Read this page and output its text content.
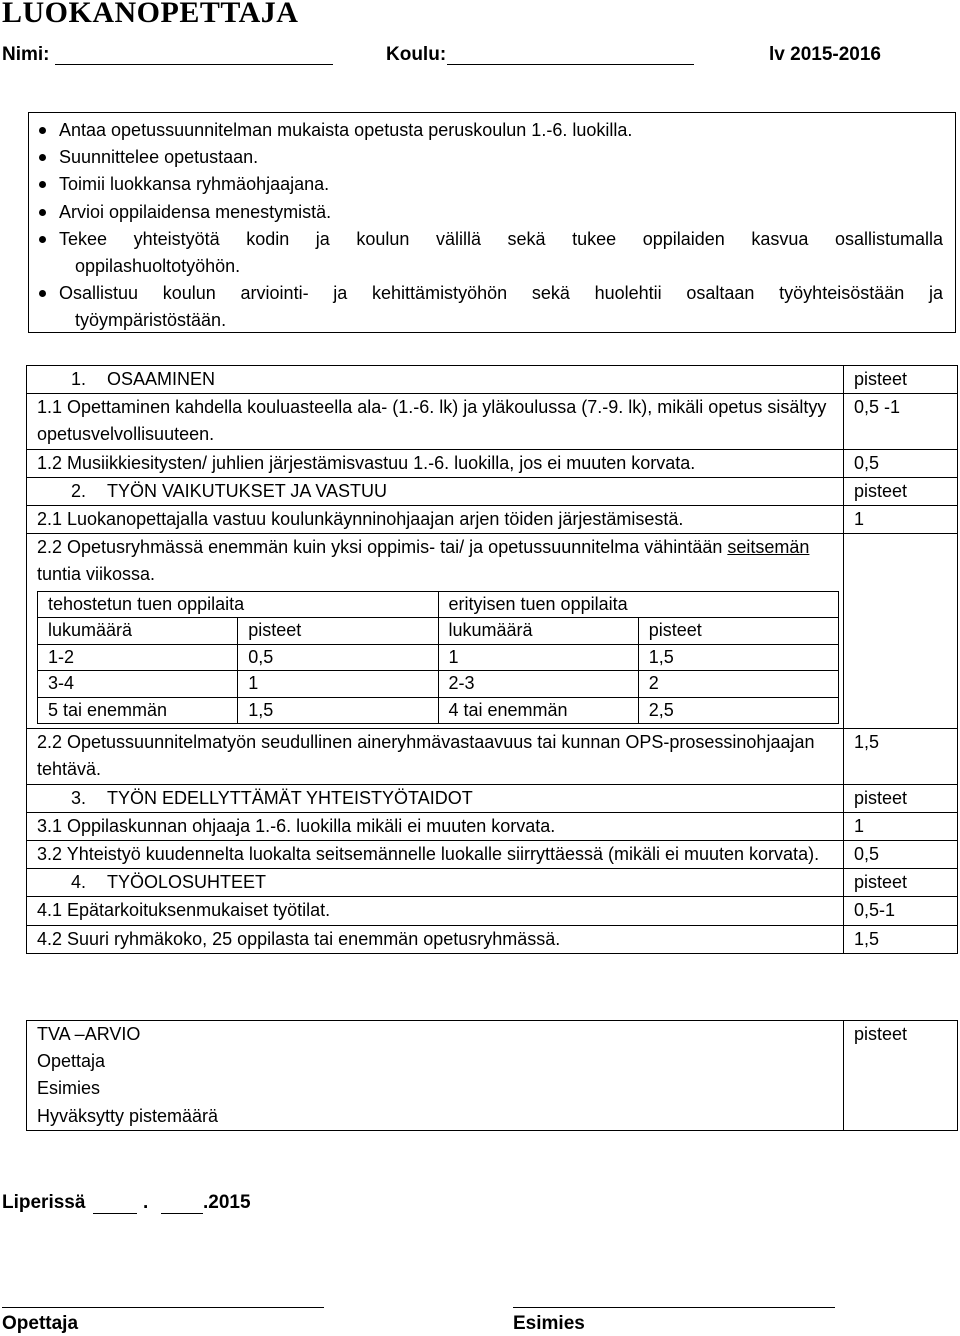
LUOKANOPETTAJA
Nimi:	Koulu:	lv 2015-2016
Antaa opetussuunnitelman mukaista opetusta peruskoulun 1.-6. luokilla.
Suunnittelee opetustaan.
Toimii luokkansa ryhmäohjaajana.
Arvioi oppilaidensa menestymistä.
Tekee yhteistyötä kodin ja koulun välillä sekä tukee oppilaiden kasvua osallistumalla
oppilashuoltotyöhön.
Osallistuu koulun arviointi- ja kehittämistyöhön sekä huolehtii osaltaan työyhteisöstään ja
työympäristöstään.
1. OSAAMINEN	pisteet
1.1 Opettaminen kahdella kouluasteella ala- (1.-6. lk) ja yläkoulussa (7.-9. lk), mikäli opetus sisältyy opetusvelvollisuuteen.	0,5 -1
1.2 Musiikkiesitysten/ juhlien järjestämisvastuu 1.-6. luokilla, jos ei muuten korvata.	0,5
2. TYÖN VAIKUTUKSET JA VASTUU	pisteet
2.1 Luokanopettajalla vastuu koulunkäynninohjaajan arjen töiden järjestämisestä.	1

2.2 Opetusryhmässä enemmän kuin yksi oppimis- tai/ ja opetussuunnitelma vähintään seitsemän tuntia viikossa.
tehostetun tuen oppilaita	erityisen tuen oppilaita
lukumäärä	pisteet	lukumäärä	pisteet
1-2	0,5	1	1,5
3-4	1	2-3	2
5 tai enemmän	1,5	4 tai enemmän	2,5

2.2 Opetussuunnitelmatyön seudullinen aineryhmävastaavuus tai kunnan OPS-prosessinohjaajan tehtävä.	1,5
3. TYÖN EDELLYTTÄMÄT YHTEISTYÖTAIDOT	pisteet
3.1 Oppilaskunnan ohjaaja 1.-6. luokilla mikäli ei muuten korvata.	1
3.2 Yhteistyö kuudennelta luokalta seitsemännelle luokalle siirryttäessä (mikäli ei muuten korvata).	0,5
4. TYÖOLOSUHTEET	pisteet
4.1 Epätarkoituksenmukaiset työtilat.	0,5-1
4.2 Suuri ryhmäkoko, 25 oppilasta tai enemmän opetusryhmässä.	1,5
TVA –ARVIO
Opettaja
Esimies
Hyväksytty pistemäärä

pisteet
Liperissä	.	.2015
Opettaja	Esimies
